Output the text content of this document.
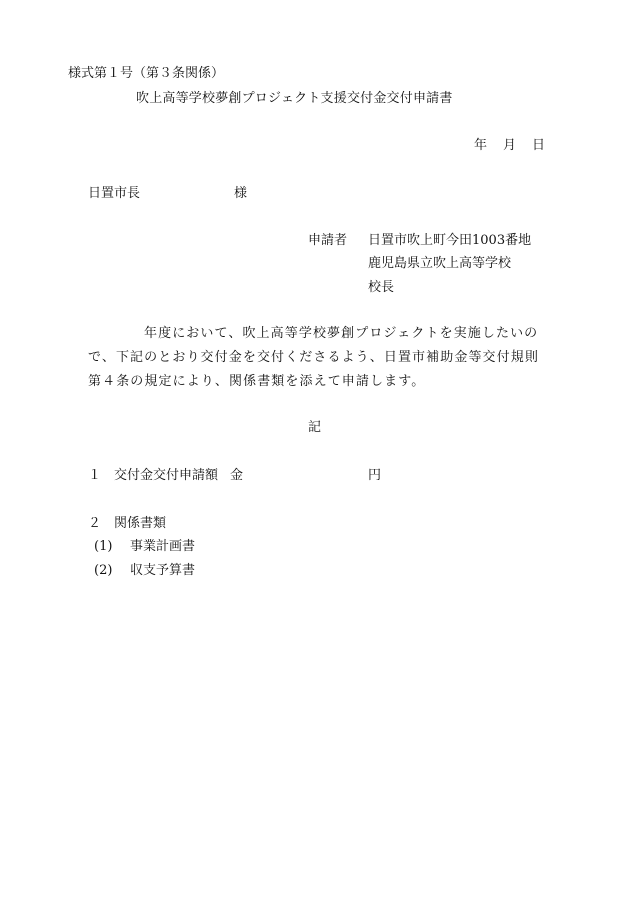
様式第１号（第３条関係）
吹上高等学校夢創プロジェクト支援交付金交付申請書
年 月 日
日置市長	様
申請者 日置市吹上町今田1003番地
鹿児島県立吹上高等学校
校長

年度において、吹上高等学校夢創プロジェクトを実施したいの

で、下記のとおり交付金を交付くださるよう、日置市補助金等交付規則

第４条の規定により、関係書類を添えて申請します。

記
１ 交付金交付申請額 金	円
２ 関係書類
(1) 事業計画書
(2) 収支予算書
